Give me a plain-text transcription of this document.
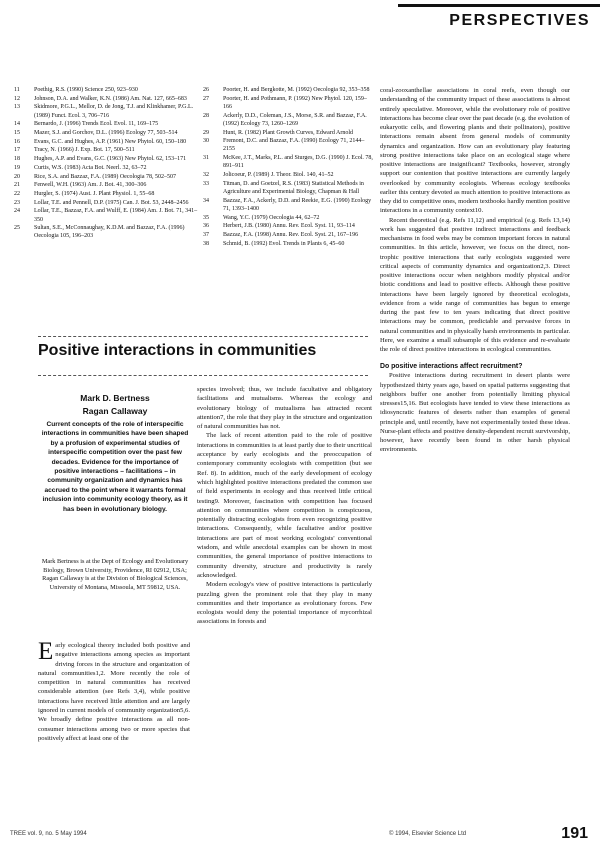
PERSPECTIVES
11	Poethig, R.S. (1990) Science 250, 923–930
12	Johnson, D.A. and Walker, K.N. (1986) Am. Nat. 127, 665–683
13	Skidmore, P.G.L., Mellor, D. de Jong, T.J. and Klinkhamer, P.G.L. (1989) Funct. Ecol. 3, 706–716
14	Bernardo, J. (1996) Trends Ecol. Evol. 11, 169–175
15	Mazer, S.J. and Gorchov, D.L. (1996) Ecology 77, 503–514
16	Evans, G.C. and Hughes, A.P. (1961) New Phytol. 60, 150–180
17	Tracy, N. (1966) J. Exp. Bot. 17, 500–511
18	Hughes, A.P. and Evans, G.C. (1963) New Phytol. 62, 153–171
19	Curtis, W.S. (1983) Acta Bot. Neerl. 32, 63–72
20	Rice, S.A. and Bazzaz, F.A. (1989) Oecologia 78, 502–507
21	Fenwell, W.H. (1963) Am. J. Bot. 41, 300–306
22	Hurgler, S. (1974) Aust. J. Plant Physiol. 1, 55–68
23	Lollar, T.E. and Pennell, D.P. (1975) Can. J. Bot. 53, 2448–2456
24	Lollar, T.E., Bazzaz, F.A. and Wulff, E. (1984) Am. J. Bot. 71, 341–350
25	Sultan, S.E., McConnaughay, K.D.M. and Bazzaz, F.A. (1996) Oecologia 105, 196–203
26	Poorter, H. and Bergkotte, M. (1992) Oecologia 92, 353–358
27	Poorter, H. and Pothmann, P. (1992) New Phytol. 120, 159–166
28	Ackerly, D.D., Coleman, J.S., Morse, S.R. and Bazzaz, F.A. (1992) Ecology 73, 1260–1269
29	Hunt, R. (1982) Plant Growth Curves, Edward Arnold
30	Fremont, D.C. and Bazzaz, F.A. (1990) Ecology 71, 2144–2155
31	McKee, J.T., Marks, P.L. and Sturges, D.G. (1990) J. Ecol. 78, 891–911
32	Jolicoeur, P. (1989) J. Theor. Biol. 140, 41–52
33	Titman, D. and Goetzel, R.S. (1983) Statistical Methods in Agriculture and Experimental Biology, Chapman & Hall
34	Bazzaz, F.A., Ackerly, D.D. and Reekie, E.G. (1990) Ecology 71, 1393–1400
35	Wang, Y.C. (1979) Oecologia 44, 62–72
36	Herbert, J.B. (1980) Annu. Rev. Ecol. Syst. 11, 93–114
37	Bazzaz, F.A. (1998) Annu. Rev. Ecol. Syst. 21, 167–196
38	Schmid, B. (1992) Evol. Trends in Plants 6, 45–60
Positive interactions in communities
Mark D. Bertness
Ragan Callaway
Current concepts of the role of interspecific interactions in communities have been shaped by a profusion of experimental studies of interspecific competition over the past few decades. Evidence for the importance of positive interactions – facilitations – in community organization and dynamics has accrued to the point where it warrants formal inclusion into community ecology theory, as it has been in evolutionary biology.
Mark Bertness is at the Dept of Ecology and Evolutionary Biology, Brown University, Providence, RI 02912, USA; Ragan Callaway is at the Division of Biological Sciences, University of Montana, Missoula, MT 59812, USA.
Early ecological theory included both positive and negative interactions among species as important driving forces in the structure and organization of natural communities1,2. More recently the role of competition in natural communities has received considerable attention (see Refs 3,4), while positive interactions have received little attention and are largely ignored in current models of community organization5,6. We broadly define positive interactions as all non-consumer interactions among two or more species that positively affect at least one of the

species involved; thus, we include facultative and obligatory facilitations and mutualisms. Whereas the ecology and evolutionary biology of mutualisms has attracted recent attention7, the role that they play in the structure and organization of natural communities has not.

The lack of recent attention paid to the role of positive interactions in communities is at least partly due to their uncritical acceptance by early ecologists and the preoccupation of contemporary community ecologists with competition (but see Ref. 8). In addition, much of the early development of ecology which highlighted positive interactions predated the common use of field experiments in ecology and thus received little critical testing9. Moreover, fascination with competition has focused attention on communities where competition is conspicuous, potentially distracting ecologists from even recognizing positive interactions. Consequently, while facultative and/or positive interactions are part of most working ecologists' conventional wisdom, and while anecdotal examples can be shown in most communities, the general importance of positive interactions to community diversity, structure and productivity is rarely acknowledged.

Modern ecology's view of positive interactions is particularly puzzling given the prominent role that they play in many communities and their importance as evolutionary forces. Few ecologists would deny the potential importance of mycorrhizal associations in forests and

coral-zooxanthellae associations in coral reefs, even though our understanding of the community impact of these associations is almost entirely speculative. Moreover, while the evolutionary role of positive interactions has become clear over the past decade (e.g. the evolution of eukaryotic cells, and flowering plants and their pollinators), positive interactions remain absent from general models of community dynamics and organization. How can an evolutionary play featuring strong positive interactions take place on an ecological stage where positive interactions are insignificant? Textbooks, however, strongly support our contention that positive interactions are currently largely overlooked by community ecologists. Whereas ecology textbooks earlier this century devoted as much attention to positive interactions as they did to competitive ones, modern textbooks hardly mention positive interactions in a community context10.

Recent theoretical (e.g. Refs 11,12) and empirical (e.g. Refs 13,14) work has suggested that positive indirect interactions and feedback mechanisms in food webs may be common important forces in natural communities. In this article, however, we focus on the direct, non-trophic positive interactions that early ecologists suggested were critical aspects of community dynamics and organization2,3. Direct positive interactions occur when neighbors modify physical and/or biotic conditions and lead to positive effects. Although these positive interactions have been largely ignored by theoretical ecologists, evidence from a wide range of communities has begun to emerge during the past few to ten years indicating that direct positive interactions may be common, predictable and pervasive forces in natural communities and in physically harsh environments in particular. Here, we examine a small subsample of this evidence and re-evaluate the role of direct positive interactions in ecological communities.

Do positive interactions affect recruitment?

Positive interactions during recruitment in desert plants were hypothesized thirty years ago, based on spatial patterns suggesting that neighbors buffer one another from potentially limiting physical stresses15,16. But ecologists have tended to view these interactions as idiosyncratic features of deserts rather than examples of general principle and, until recently, have not experimentally tested these ideas. Nurse-plant effects and positive density-dependent recruit survivorship, however, have recently been found in other harsh physical environments.

TREE vol. 9, no. 5 May 1994	© 1994, Elsevier Science Ltd	191
